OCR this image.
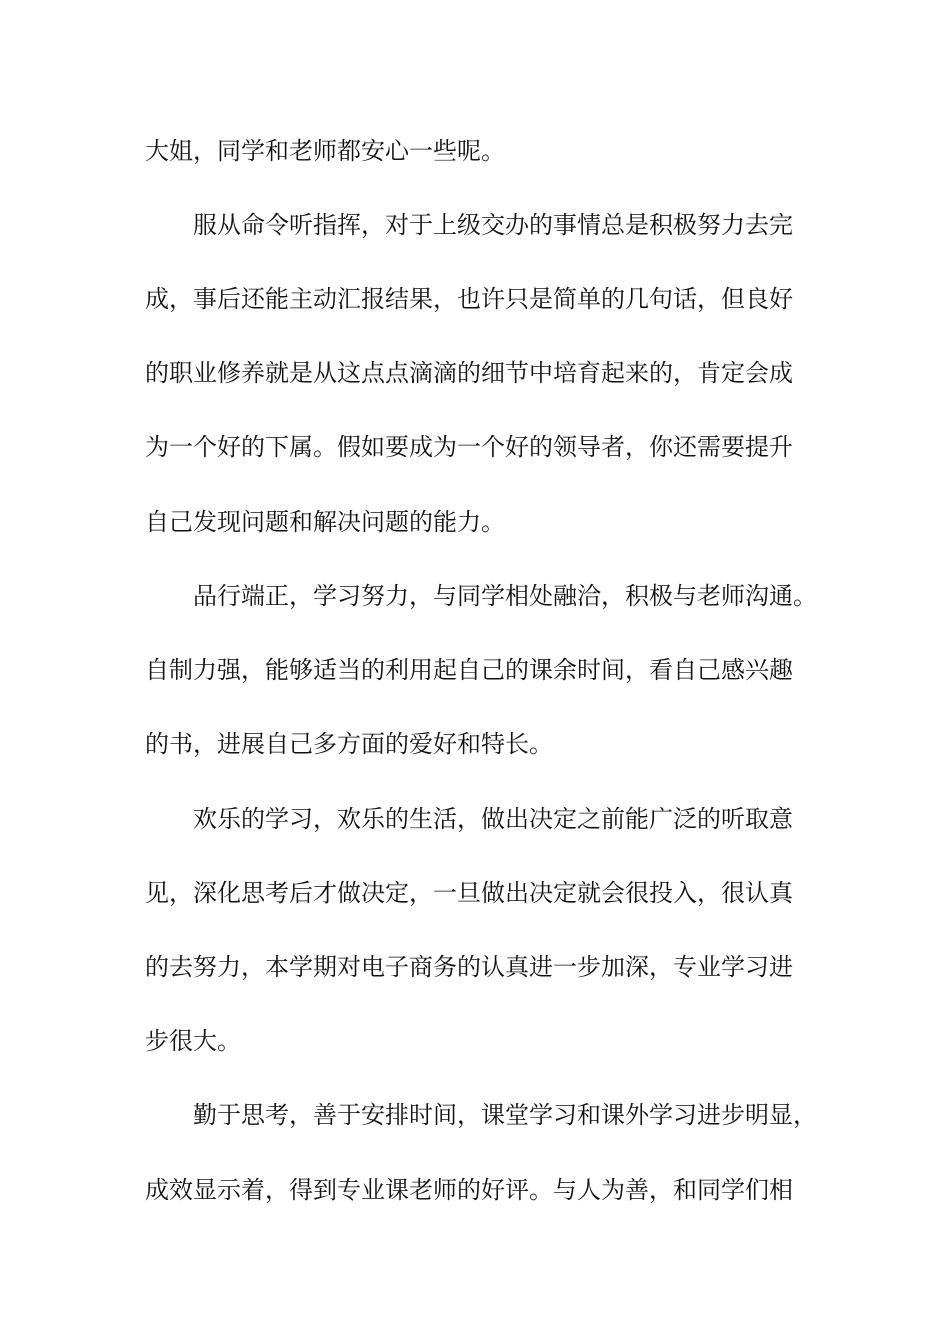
大姐，同学和老师都安心一些呢。
服从命令听指挥，对于上级交办的事情总是积极努力去完
成，事后还能主动汇报结果，也许只是简单的几句话，但良好
的职业修养就是从这点点滴滴的细节中培育起来的，肯定会成
为一个好的下属。假如要成为一个好的领导者，你还需要提升
自己发现问题和解决问题的能力。
品行端正，学习努力，与同学相处融洽，积极与老师沟通。
自制力强，能够适当的利用起自己的课余时间，看自己感兴趣
的书，进展自己多方面的爱好和特长。
欢乐的学习，欢乐的生活，做出决定之前能广泛的听取意
见，深化思考后才做决定，一旦做出决定就会很投入，很认真
的去努力，本学期对电子商务的认真进一步加深，专业学习进
步很大。
勤于思考，善于安排时间，课堂学习和课外学习进步明显，
成效显示着，得到专业课老师的好评。与人为善，和同学们相
